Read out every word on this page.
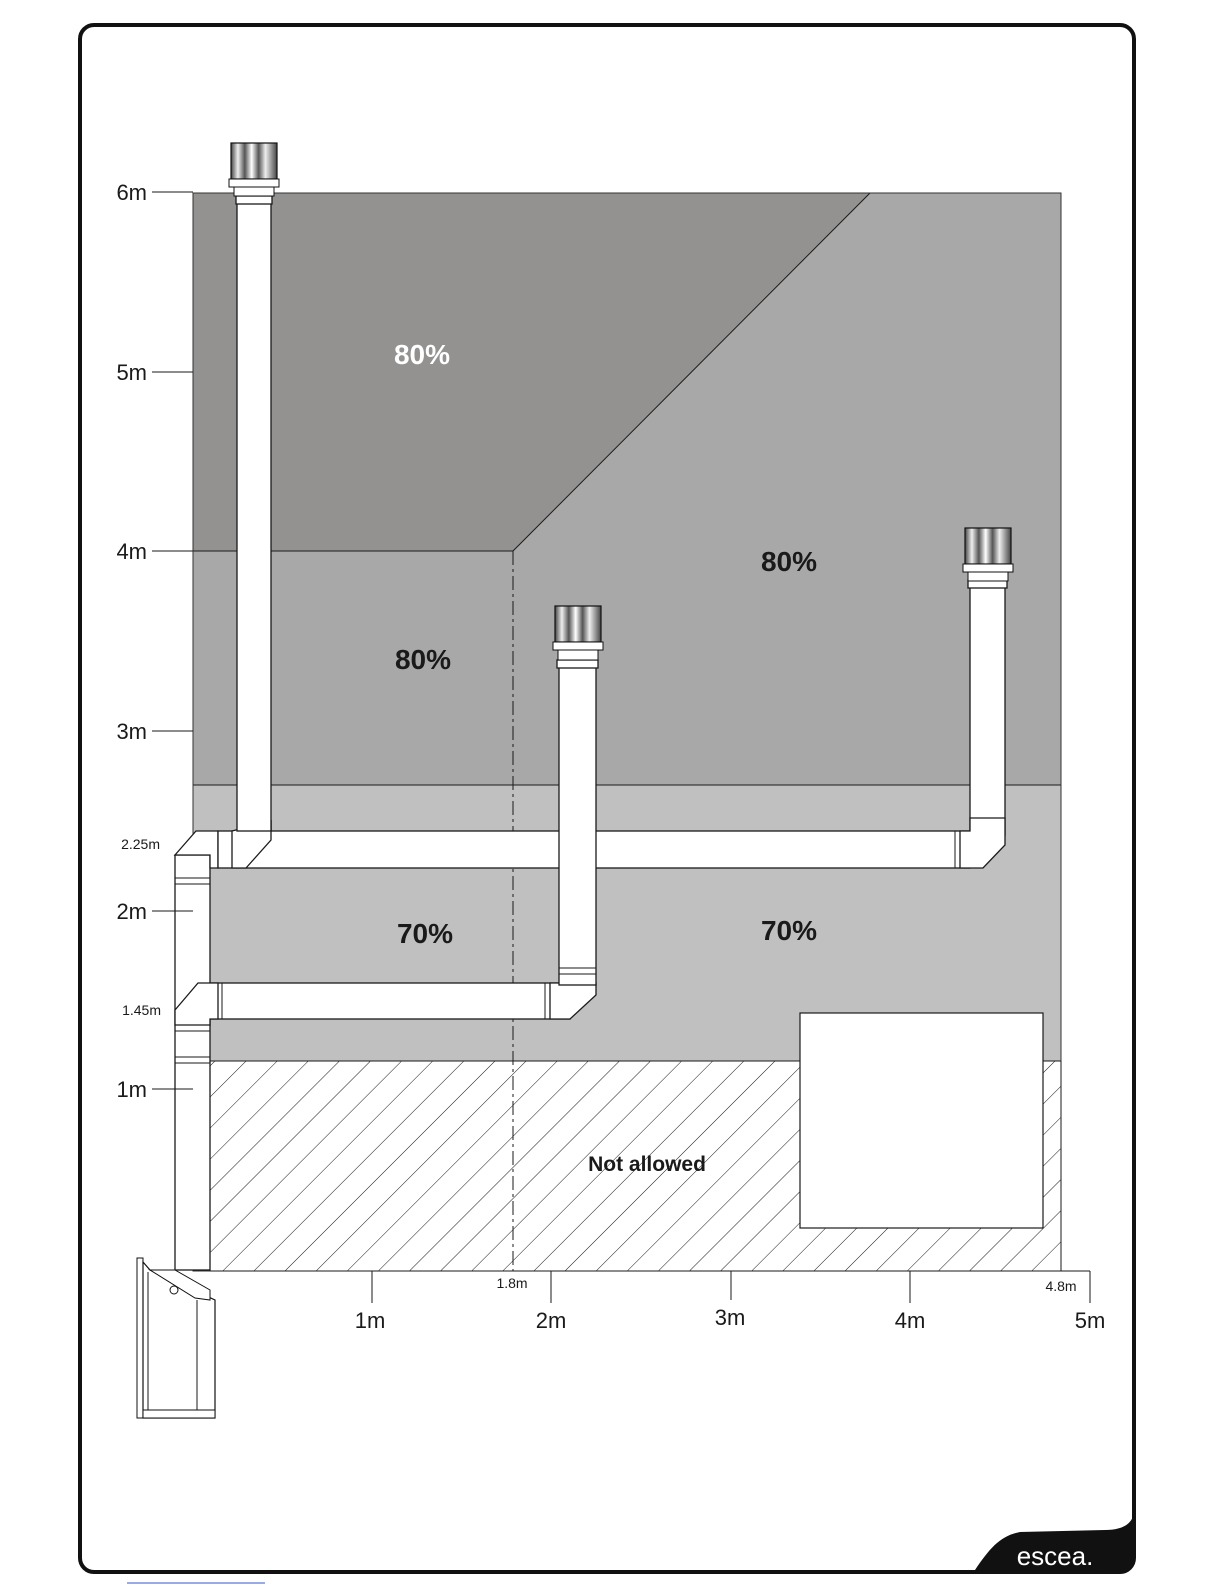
6m
5m
4m
3m
2.25m
2m
1.45m
1m
1m
1.8m
2m	3m	4m
4.8m
5m
80%
80%
80%
70%	70%
Not allowed
escea.
